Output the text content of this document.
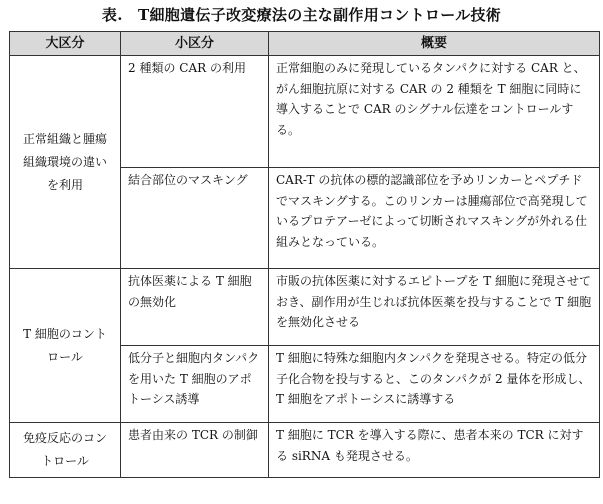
表.　T細胞遺伝子改変療法の主な副作用コントロール技術
大区分	小区分	概要
正常組織と腫瘍組織環境の違いを利用	2 種類の CAR の利用	正常細胞のみに発現しているタンパクに対する CAR と、がん細胞抗原に対する CAR の 2 種類を T 細胞に同時に導入することで CAR のシグナル伝達をコントロールする。
	結合部位のマスキング	CAR-T の抗体の標的認識部位を予めリンカーとペプチドでマスキングする。このリンカーは腫瘍部位で高発現しているプロテアーゼによって切断されマスキングが外れる仕組みとなっている。
T 細胞のコントロール	抗体医薬による T 細胞の無効化	市販の抗体医薬に対するエピトープを T 細胞に発現させておき、副作用が生じれば抗体医薬を投与することで T 細胞を無効化させる
	低分子と細胞内タンパクを用いた T 細胞のアポトーシス誘導	T 細胞に特殊な細胞内タンパクを発現させる。特定の低分子化合物を投与すると、このタンパクが 2 量体を形成し、T 細胞をアポトーシスに誘導する
免疫反応のコントロール	患者由来の TCR の制御	T 細胞に TCR を導入する際に、患者本来の TCR に対する siRNA も発現させる。
